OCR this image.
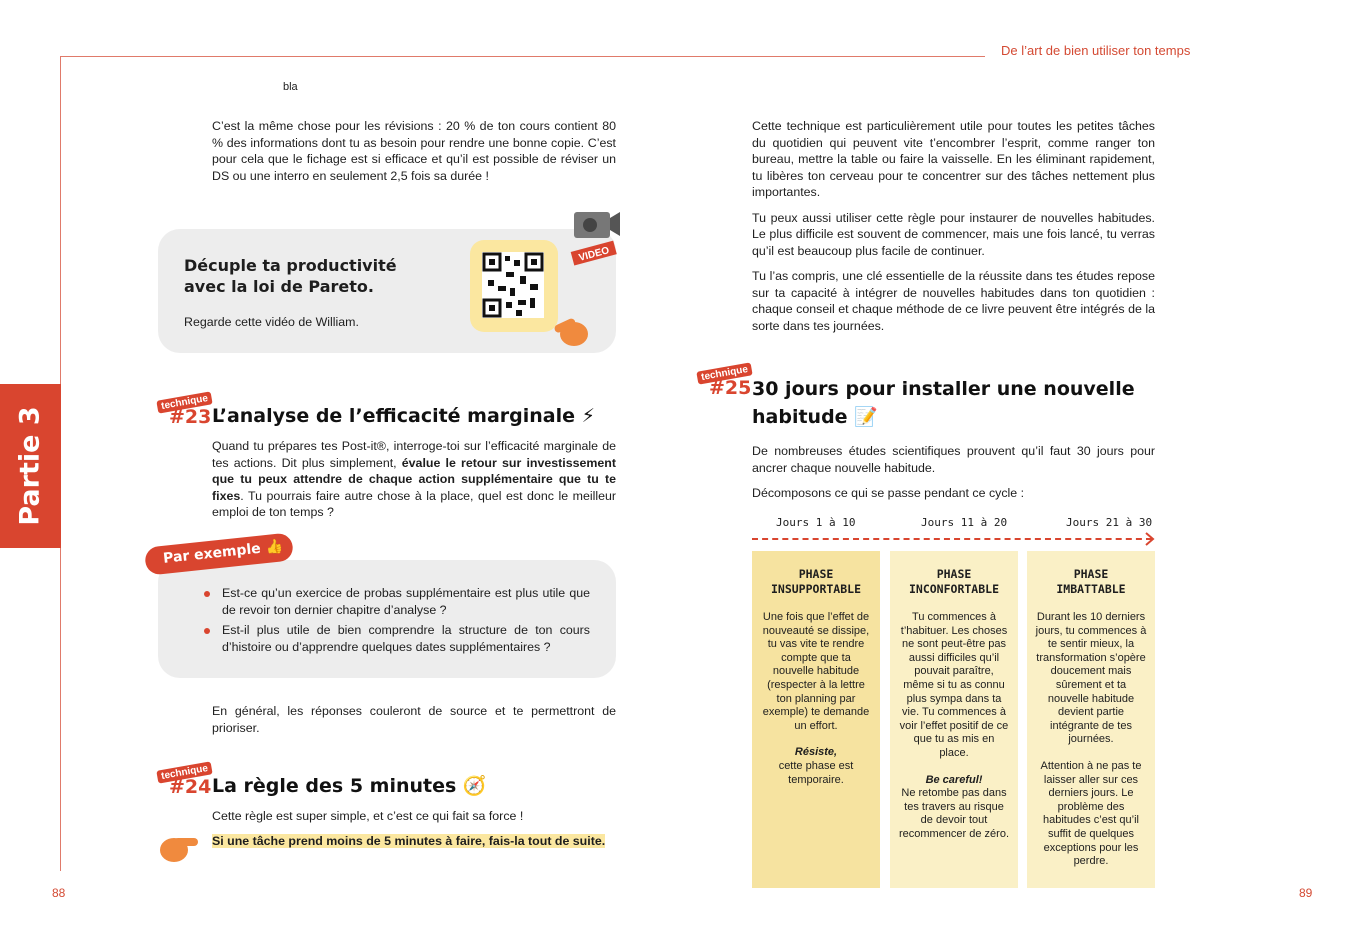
De l’art de bien utiliser ton temps
bla
Partie 3

C’est la même chose pour les révisions : 20 % de ton cours contient 80 % des informations dont tu as besoin pour rendre une bonne copie. C’est pour cela que le fichage est si efficace et qu’il est possible de réviser un DS ou une interro en seulement 2,5 fois sa durée !

Décuple ta productivité
avec la loi de Pareto.
Regarde cette vidéo de William.
VIDEO
technique
#23 L’analyse de l’efficacité marginale ⚡

Quand tu prépares tes Post-it®, interroge-toi sur l’efficacité marginale de tes actions. Dit plus simplement, évalue le retour sur investissement que tu peux attendre de chaque action supplémentaire que tu te fixes. Tu pourrais faire autre chose à la place, quel est donc le meilleur emploi de ton temps ?

Par exemple 👍
Est-ce qu’un exercice de probas supplémentaire est plus utile que de revoir ton dernier chapitre d’analyse ?
Est-il plus utile de bien comprendre la structure de ton cours d’histoire ou d’apprendre quelques dates supplémentaires ?

En général, les réponses couleront de source et te permettront de prioriser.

technique
#24 La règle des 5 minutes 🧭

Cette règle est super simple, et c’est ce qui fait sa force !

Si une tâche prend moins de 5 minutes à faire, fais-la tout de suite.
88

Cette technique est particulièrement utile pour toutes les petites tâches du quotidien qui peuvent vite t’encombrer l’esprit, comme ranger ton bureau, mettre la table ou faire la vaisselle. En les éliminant rapidement, tu libères ton cerveau pour te concentrer sur des tâches nettement plus importantes.

Tu peux aussi utiliser cette règle pour instaurer de nouvelles habitudes. Le plus difficile est souvent de commencer, mais une fois lancé, tu verras qu’il est beaucoup plus facile de continuer.

Tu l’as compris, une clé essentielle de la réussite dans tes études repose sur ta capacité à intégrer de nouvelles habitudes dans ton quotidien : chaque conseil et chaque méthode de ce livre peuvent être intégrés de la sorte dans tes journées.

technique
#25 30 jours pour installer une nouvelle
habitude 📝

De nombreuses études scientifiques prouvent qu’il faut 30 jours pour ancrer chaque nouvelle habitude.

Décomposons ce qui se passe pendant ce cycle :

Jours 1 à 10	Jours 11 à 20	Jours 21 à 30
PHASE
INSUPPORTABLE

Une fois que l’effet de nouveauté se dissipe, tu vas vite te rendre compte que ta nouvelle habitude (respecter à la lettre ton planning par exemple) te demande un effort.

Résiste,
cette phase est temporaire.

PHASE
INCONFORTABLE

Tu commences à t’habituer. Les choses ne sont peut-être pas aussi difficiles qu’il pouvait paraître, même si tu as connu plus sympa dans ta vie. Tu commences à voir l’effet positif de ce que tu as mis en place.

Be careful!
Ne retombe pas dans tes travers au risque de devoir tout recommencer de zéro.

PHASE
IMBATTABLE

Durant les 10 derniers jours, tu commences à te sentir mieux, la transformation s’opère doucement mais sûrement et ta nouvelle habitude devient partie intégrante de tes journées.

Attention à ne pas te laisser aller sur ces derniers jours. Le problème des habitudes c’est qu’il suffit de quelques exceptions pour les perdre.

89
